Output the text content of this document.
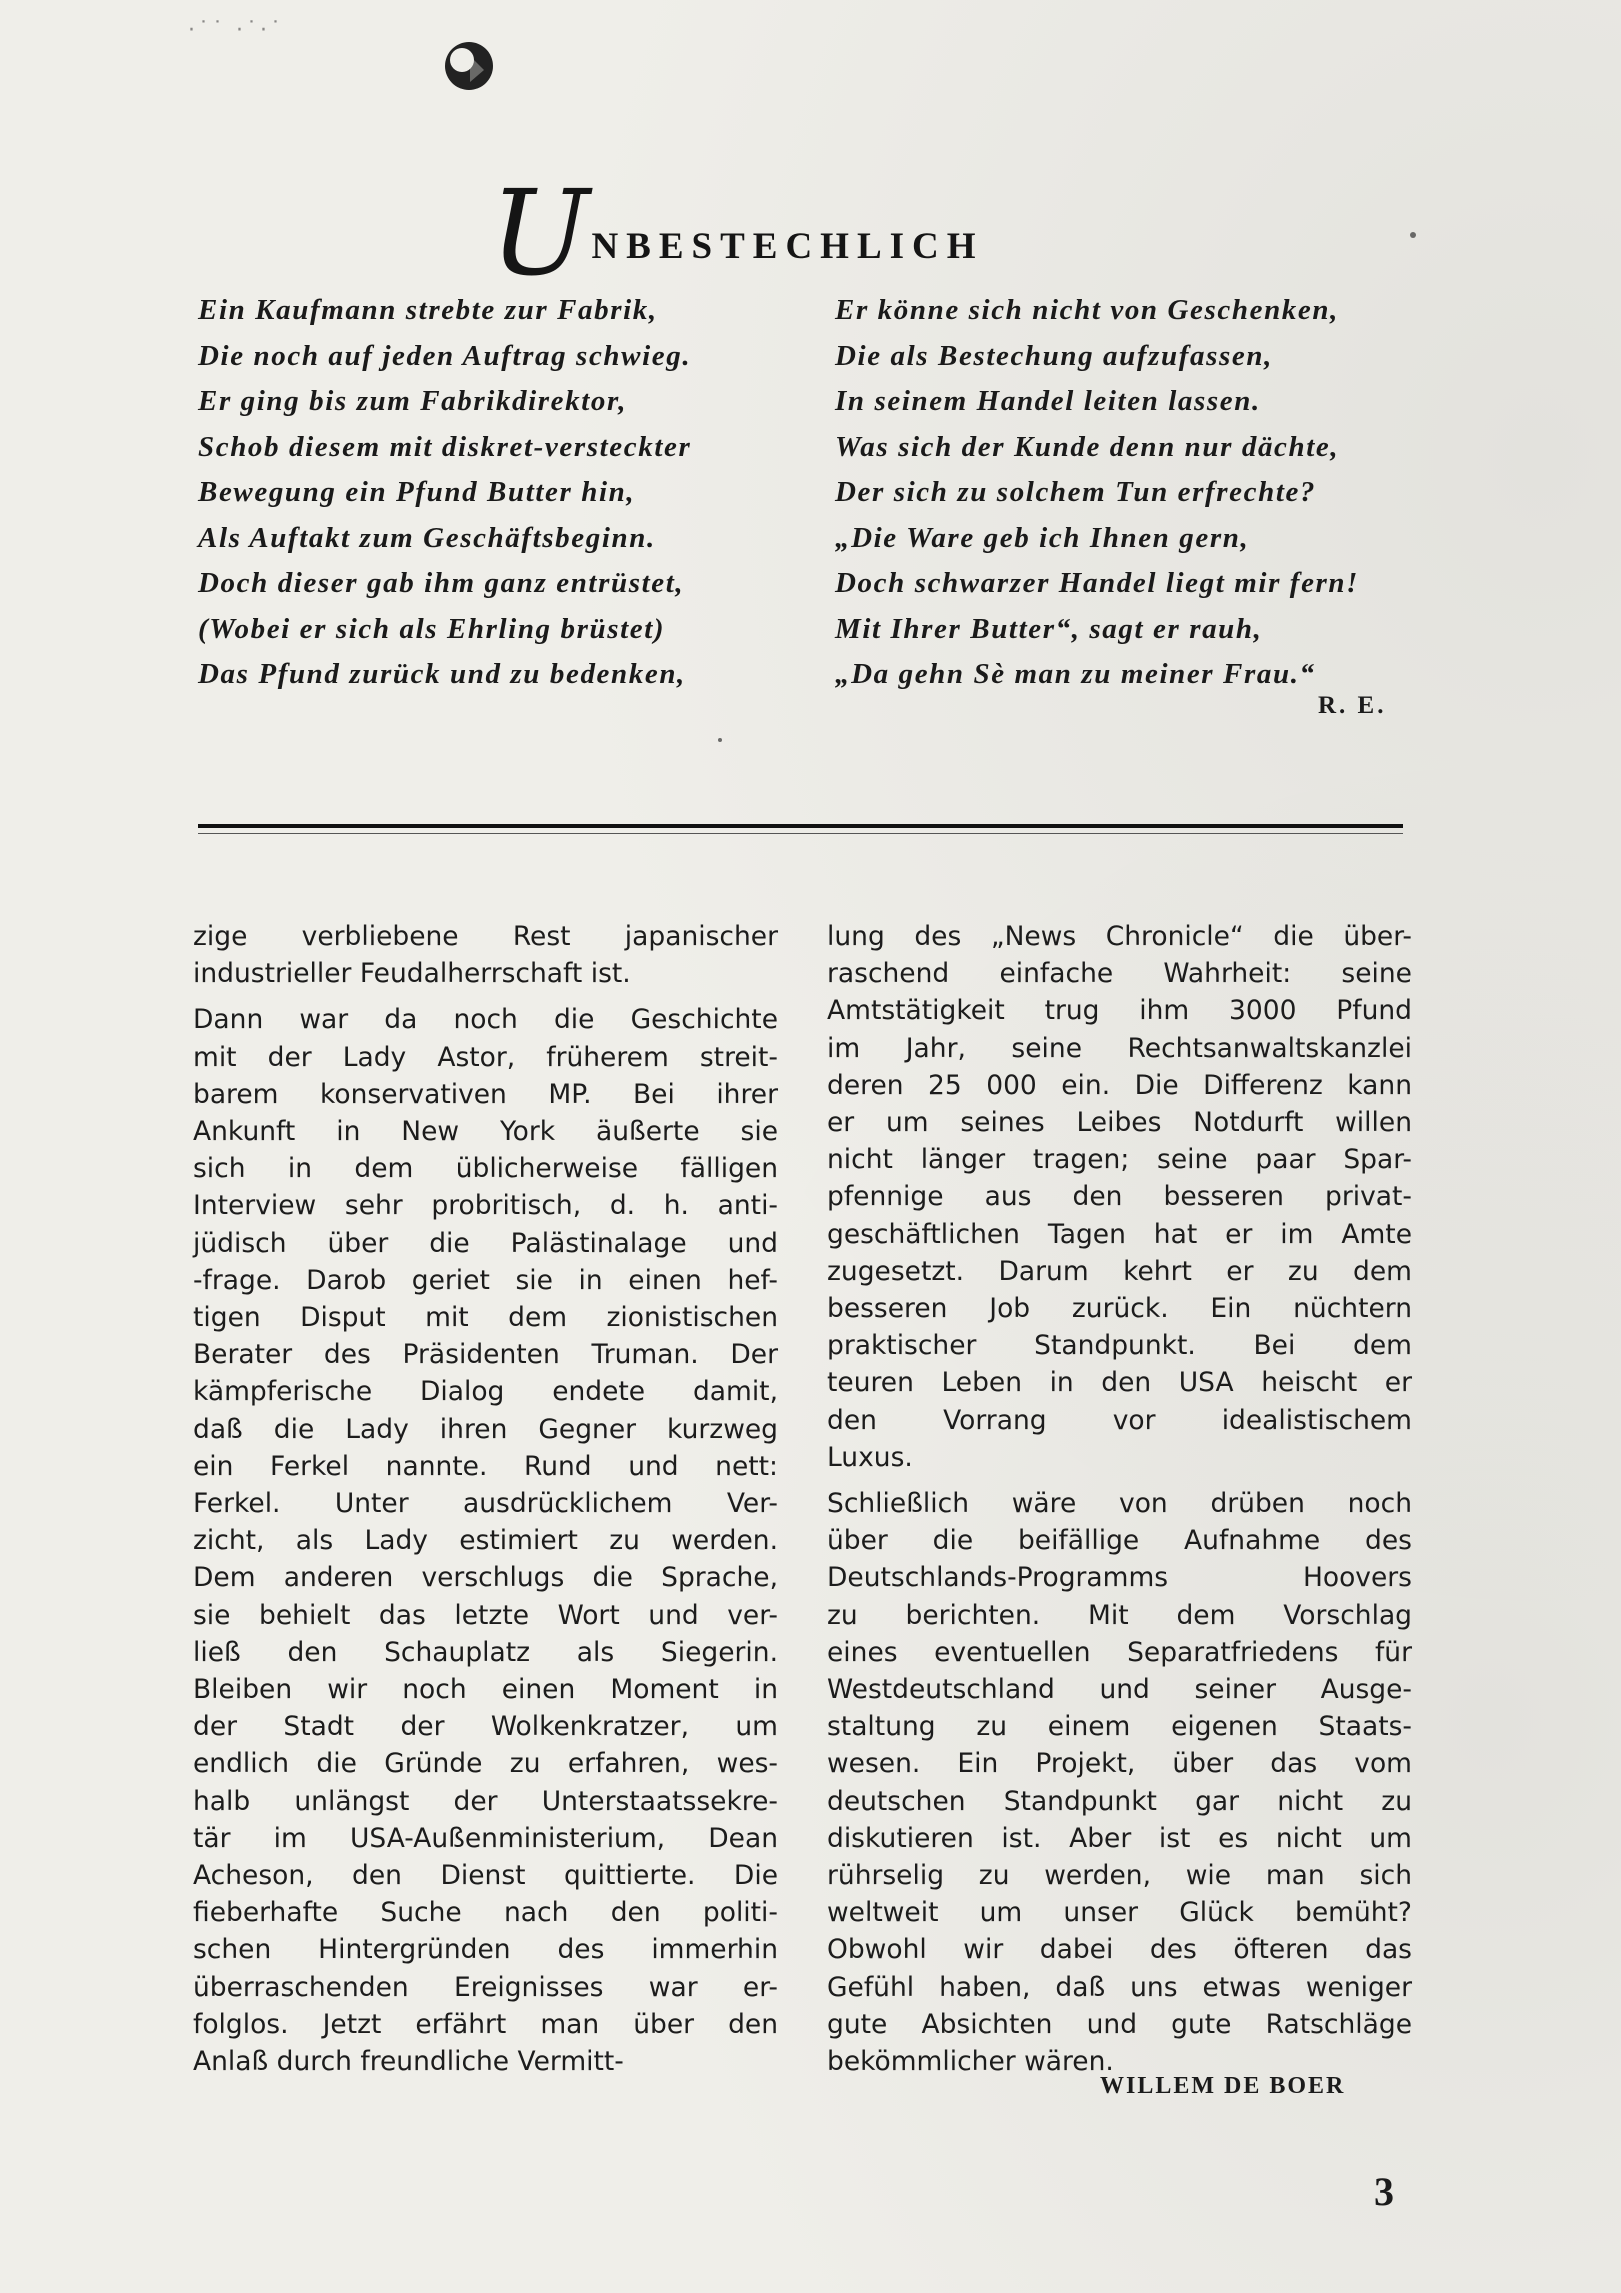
·˙˙ ·˙·˙
UNBESTECHLICH
Ein Kaufmann strebte zur Fabrik,
Die noch auf jeden Auftrag schwieg.
Er ging bis zum Fabrikdirektor,
Schob diesem mit diskret-versteckter
Bewegung ein Pfund Butter hin,
Als Auftakt zum Geschäftsbeginn.
Doch dieser gab ihm ganz entrüstet,
(Wobei er sich als Ehrling brüstet)
Das Pfund zurück und zu bedenken,
Er könne sich nicht von Geschenken,
Die als Bestechung aufzufassen,
In seinem Handel leiten lassen.
Was sich der Kunde denn nur dächte,
Der sich zu solchem Tun erfrechte?
„Die Ware geb ich Ihnen gern,
Doch schwarzer Handel liegt mir fern!
Mit Ihrer Butter“, sagt er rauh,
„Da gehn Sè man zu meiner Frau.“
R. E.

zige verbliebene Rest japanischer
industrieller Feudalherrschaft ist.

Dann war da noch die Geschichte
mit der Lady Astor, früherem streit-
barem konservativen MP. Bei ihrer
Ankunft in New York äußerte sie
sich in dem üblicherweise fälligen
Interview sehr probritisch, d. h. anti-
jüdisch über die Palästinalage und
-frage. Darob geriet sie in einen hef-
tigen Disput mit dem zionistischen
Berater des Präsidenten Truman. Der
kämpferische Dialog endete damit,
daß die Lady ihren Gegner kurzweg
ein Ferkel nannte. Rund und nett:
Ferkel. Unter ausdrücklichem Ver-
zicht, als Lady estimiert zu werden.
Dem anderen verschlugs die Sprache,
sie behielt das letzte Wort und ver-
ließ den Schauplatz als Siegerin.
Bleiben wir noch einen Moment in
der Stadt der Wolkenkratzer, um
endlich die Gründe zu erfahren, wes-
halb unlängst der Unterstaatssekre-
tär im USA-Außenministerium, Dean
Acheson, den Dienst quittierte. Die
fieberhafte Suche nach den politi-
schen Hintergründen des immerhin
überraschenden Ereignisses war er-
folglos. Jetzt erfährt man über den
Anlaß durch freundliche Vermitt-

lung des „News Chronicle“ die über-
raschend einfache Wahrheit: seine
Amtstätigkeit trug ihm 3000 Pfund
im Jahr, seine Rechtsanwaltskanzlei
deren 25 000 ein. Die Differenz kann
er um seines Leibes Notdurft willen
nicht länger tragen; seine paar Spar-
pfennige aus den besseren privat-
geschäftlichen Tagen hat er im Amte
zugesetzt. Darum kehrt er zu dem
besseren Job zurück. Ein nüchtern
praktischer Standpunkt. Bei dem
teuren Leben in den USA heischt er
den Vorrang vor idealistischem
Luxus.

Schließlich wäre von drüben noch
über die beifällige Aufnahme des
Deutschlands-Programms Hoovers
zu berichten. Mit dem Vorschlag
eines eventuellen Separatfriedens für
Westdeutschland und seiner Ausge-
staltung zu einem eigenen Staats-
wesen. Ein Projekt, über das vom
deutschen Standpunkt gar nicht zu
diskutieren ist. Aber ist es nicht um
rührselig zu werden, wie man sich
weltweit um unser Glück bemüht?
Obwohl wir dabei des öfteren das
Gefühl haben, daß uns etwas weniger
gute Absichten und gute Ratschläge
bekömmlicher wären.

WILLEM DE BOER
3
